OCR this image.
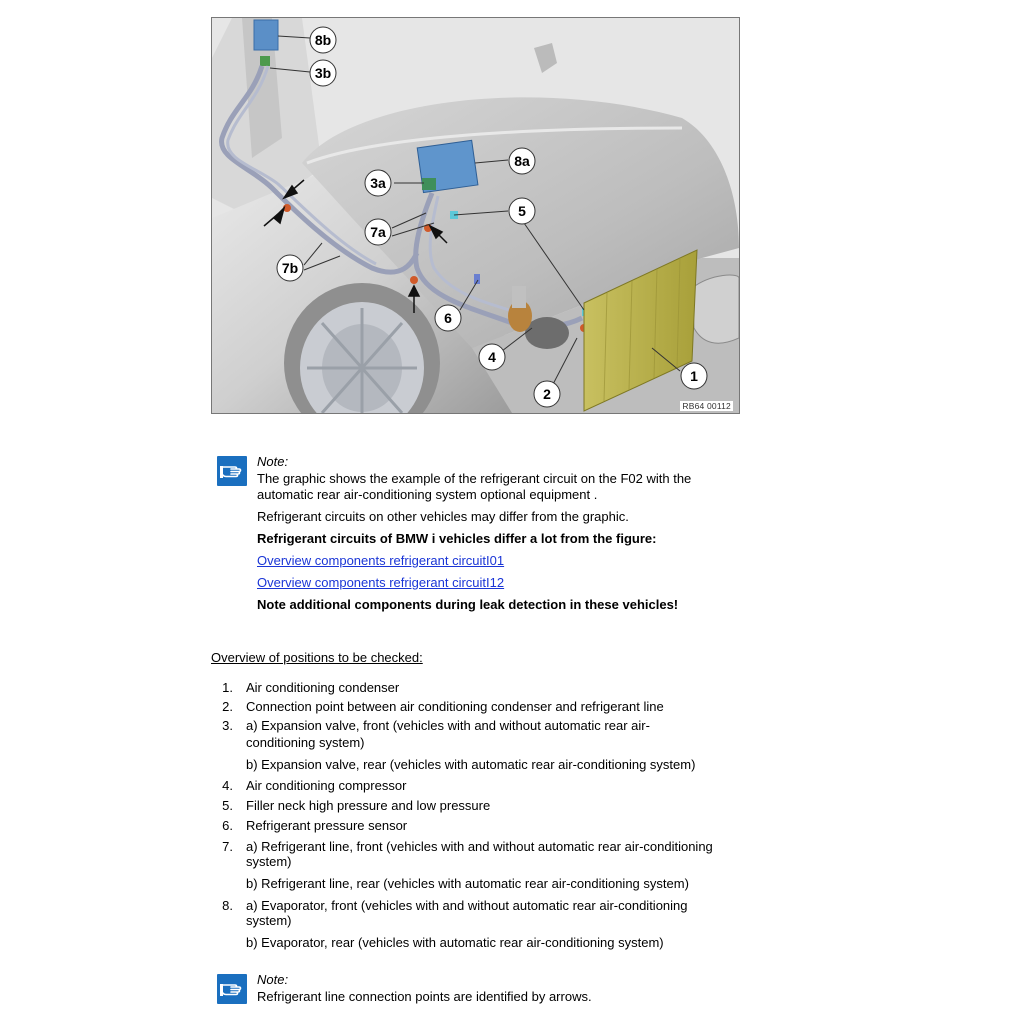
8b
3b
8a
3a
5
7a
7b
6
4
1
2
RB64 00112
Note:
The graphic shows the example of the refrigerant circuit on the F02 with the
automatic rear air-conditioning system optional equipment .
Refrigerant circuits on other vehicles may differ from the graphic.
Refrigerant circuits of BMW i vehicles differ a lot from the figure:
Overview components refrigerant circuitI01
Overview components refrigerant circuitI12
Note additional components during leak detection in these vehicles!
Overview of positions to be checked:
1. Air conditioning condenser
2. Connection point between air conditioning condenser and refrigerant line
3. a) Expansion valve, front (vehicles with and without automatic rear air-
conditioning system)
b) Expansion valve, rear (vehicles with automatic rear air-conditioning system)
4. Air conditioning compressor
5. Filler neck high pressure and low pressure
6. Refrigerant pressure sensor
7. a) Refrigerant line, front (vehicles with and without automatic rear air-conditioning
system)
b) Refrigerant line, rear (vehicles with automatic rear air-conditioning system)
8. a) Evaporator, front (vehicles with and without automatic rear air-conditioning
system)
b) Evaporator, rear (vehicles with automatic rear air-conditioning system)
Note:
Refrigerant line connection points are identified by arrows.
